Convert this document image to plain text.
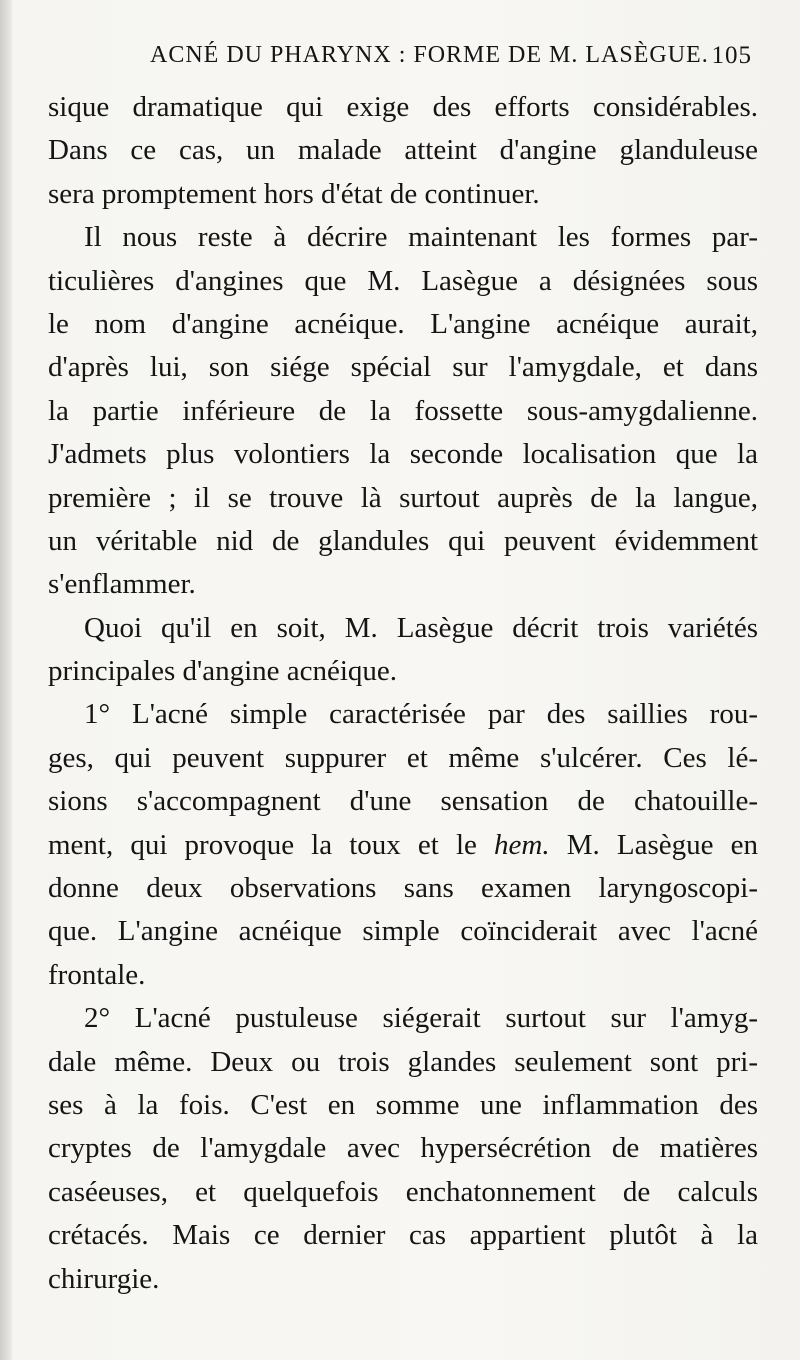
ACNÉ DU PHARYNX : FORME DE M. LASÈGUE. 105
sique dramatique qui exige des efforts considérables.
Dans ce cas, un malade atteint d'angine glanduleuse
sera promptement hors d'état de continuer.
Il nous reste à décrire maintenant les formes par-
ticulières d'angines que M. Lasègue a désignées sous
le nom d'angine acnéique. L'angine acnéique aurait,
d'après lui, son siége spécial sur l'amygdale, et dans
la partie inférieure de la fossette sous-amygdalienne.
J'admets plus volontiers la seconde localisation que la
première ; il se trouve là surtout auprès de la langue,
un véritable nid de glandules qui peuvent évidemment
s'enflammer.
Quoi qu'il en soit, M. Lasègue décrit trois variétés
principales d'angine acnéique.
1° L'acné simple caractérisée par des saillies rou-
ges, qui peuvent suppurer et même s'ulcérer. Ces lé-
sions s'accompagnent d'une sensation de chatouille-
ment, qui provoque la toux et le hem. M. Lasègue en
donne deux observations sans examen laryngoscopi-
que. L'angine acnéique simple coïnciderait avec l'acné
frontale.
2° L'acné pustuleuse siégerait surtout sur l'amyg-
dale même. Deux ou trois glandes seulement sont pri-
ses à la fois. C'est en somme une inflammation des
cryptes de l'amygdale avec hypersécrétion de matières
caséeuses, et quelquefois enchatonnement de calculs
crétacés. Mais ce dernier cas appartient plutôt à la
chirurgie.
